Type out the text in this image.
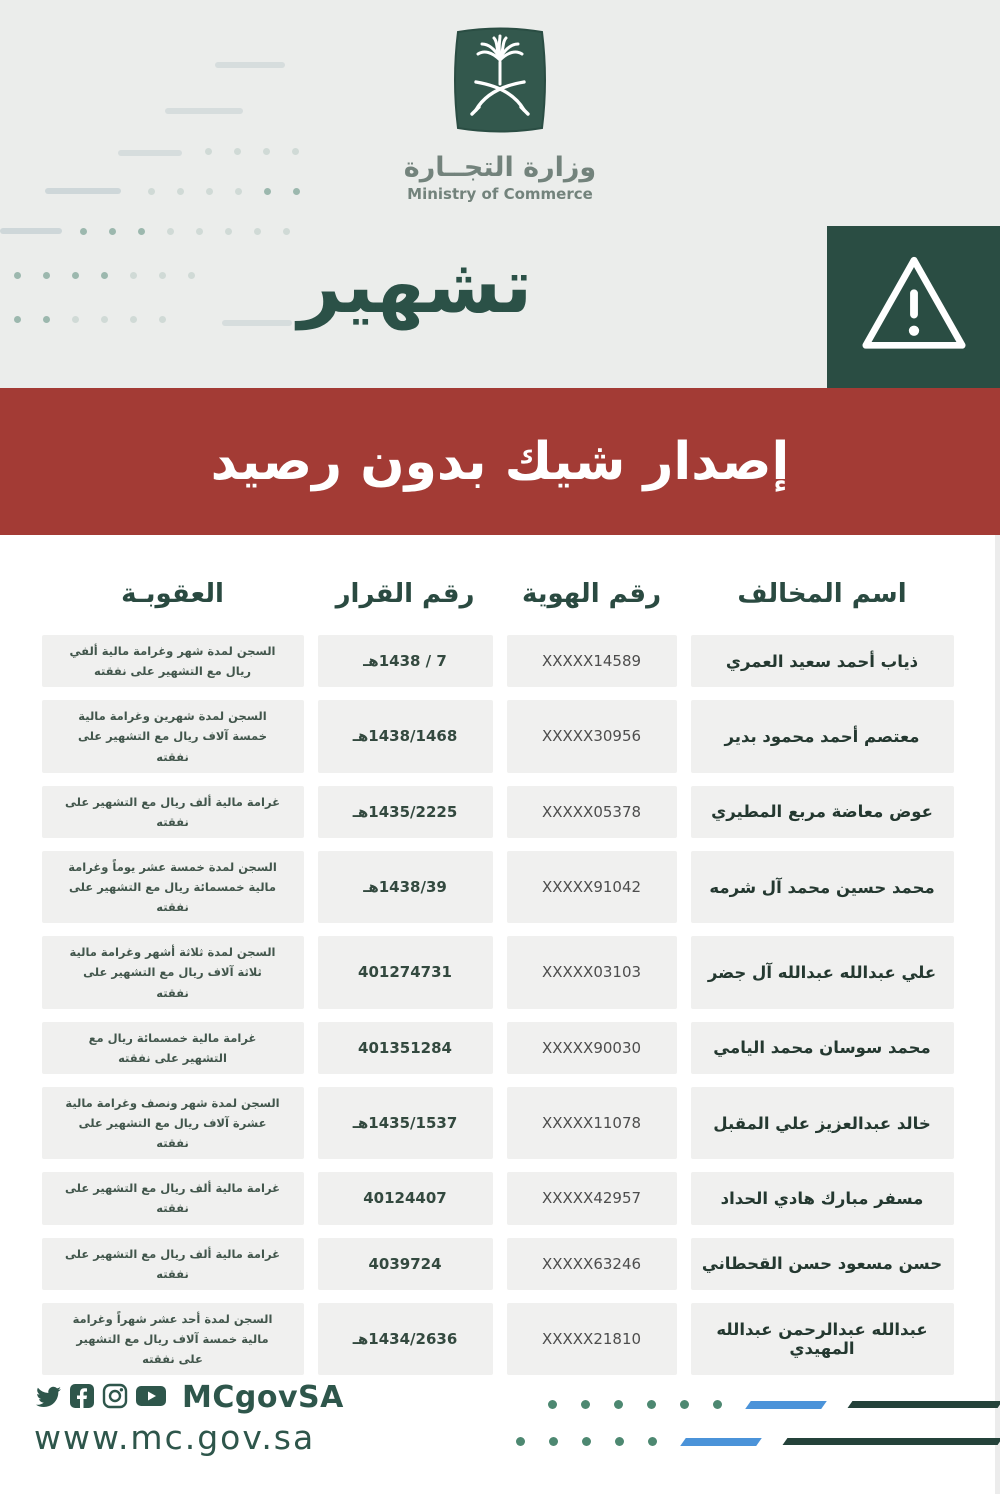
وزارة التجــارة
Ministry of Commerce
تشهير
إصدار شيك بدون رصيد
اسم المخالف
رقم الهوية
رقم القرار
العقوبـة
ذياب أحمد سعيد العمري
XXXXX14589
7 / 1438هـ
السجن لمدة شهر وغرامة مالية ألفي ريال مع التشهير على نفقته
معتصم أحمد محمود بدير
XXXXX30956
1438/1468هـ
السجن لمدة شهرين وغرامة مالية خمسة آلاف ريال مع التشهير على نفقته
عوض معاضة مربع المطيري
XXXXX05378
1435/2225هـ
غرامة مالية ألف ريال مع التشهير على نفقته
محمد حسين محمد آل شرمه
XXXXX91042
1438/39هـ
السجن لمدة خمسة عشر يوماً وغرامة مالية خمسمائة ريال مع التشهير على نفقته
علي عبدالله عبدالله آل جضر
XXXXX03103
401274731
السجن لمدة ثلاثة أشهر وغرامة مالية ثلاثة آلاف ريال مع التشهير على نفقته
محمد سوسان محمد اليامي
XXXXX90030
401351284
غرامة مالية خمسمائة ريال مع التشهير على نفقته
خالد عبدالعزيز علي المقبل
XXXXX11078
1435/1537هـ
السجن لمدة شهر ونصف وغرامة مالية عشرة آلاف ريال مع التشهير على نفقته
مسفر مبارك هادي الحداد
XXXXX42957
40124407
غرامة مالية ألف ريال مع التشهير على نفقته
حسن مسعود حسن القحطاني
XXXXX63246
4039724
غرامة مالية ألف ريال مع التشهير على نفقته
عبدالله عبدالرحمن عبدالله المهيدي
XXXXX21810
1434/2636هـ
السجن لمدة أحد عشر شهراً وغرامة مالية خمسة آلاف ريال مع التشهير على نفقته
MCgovSA
www.mc.gov.sa
